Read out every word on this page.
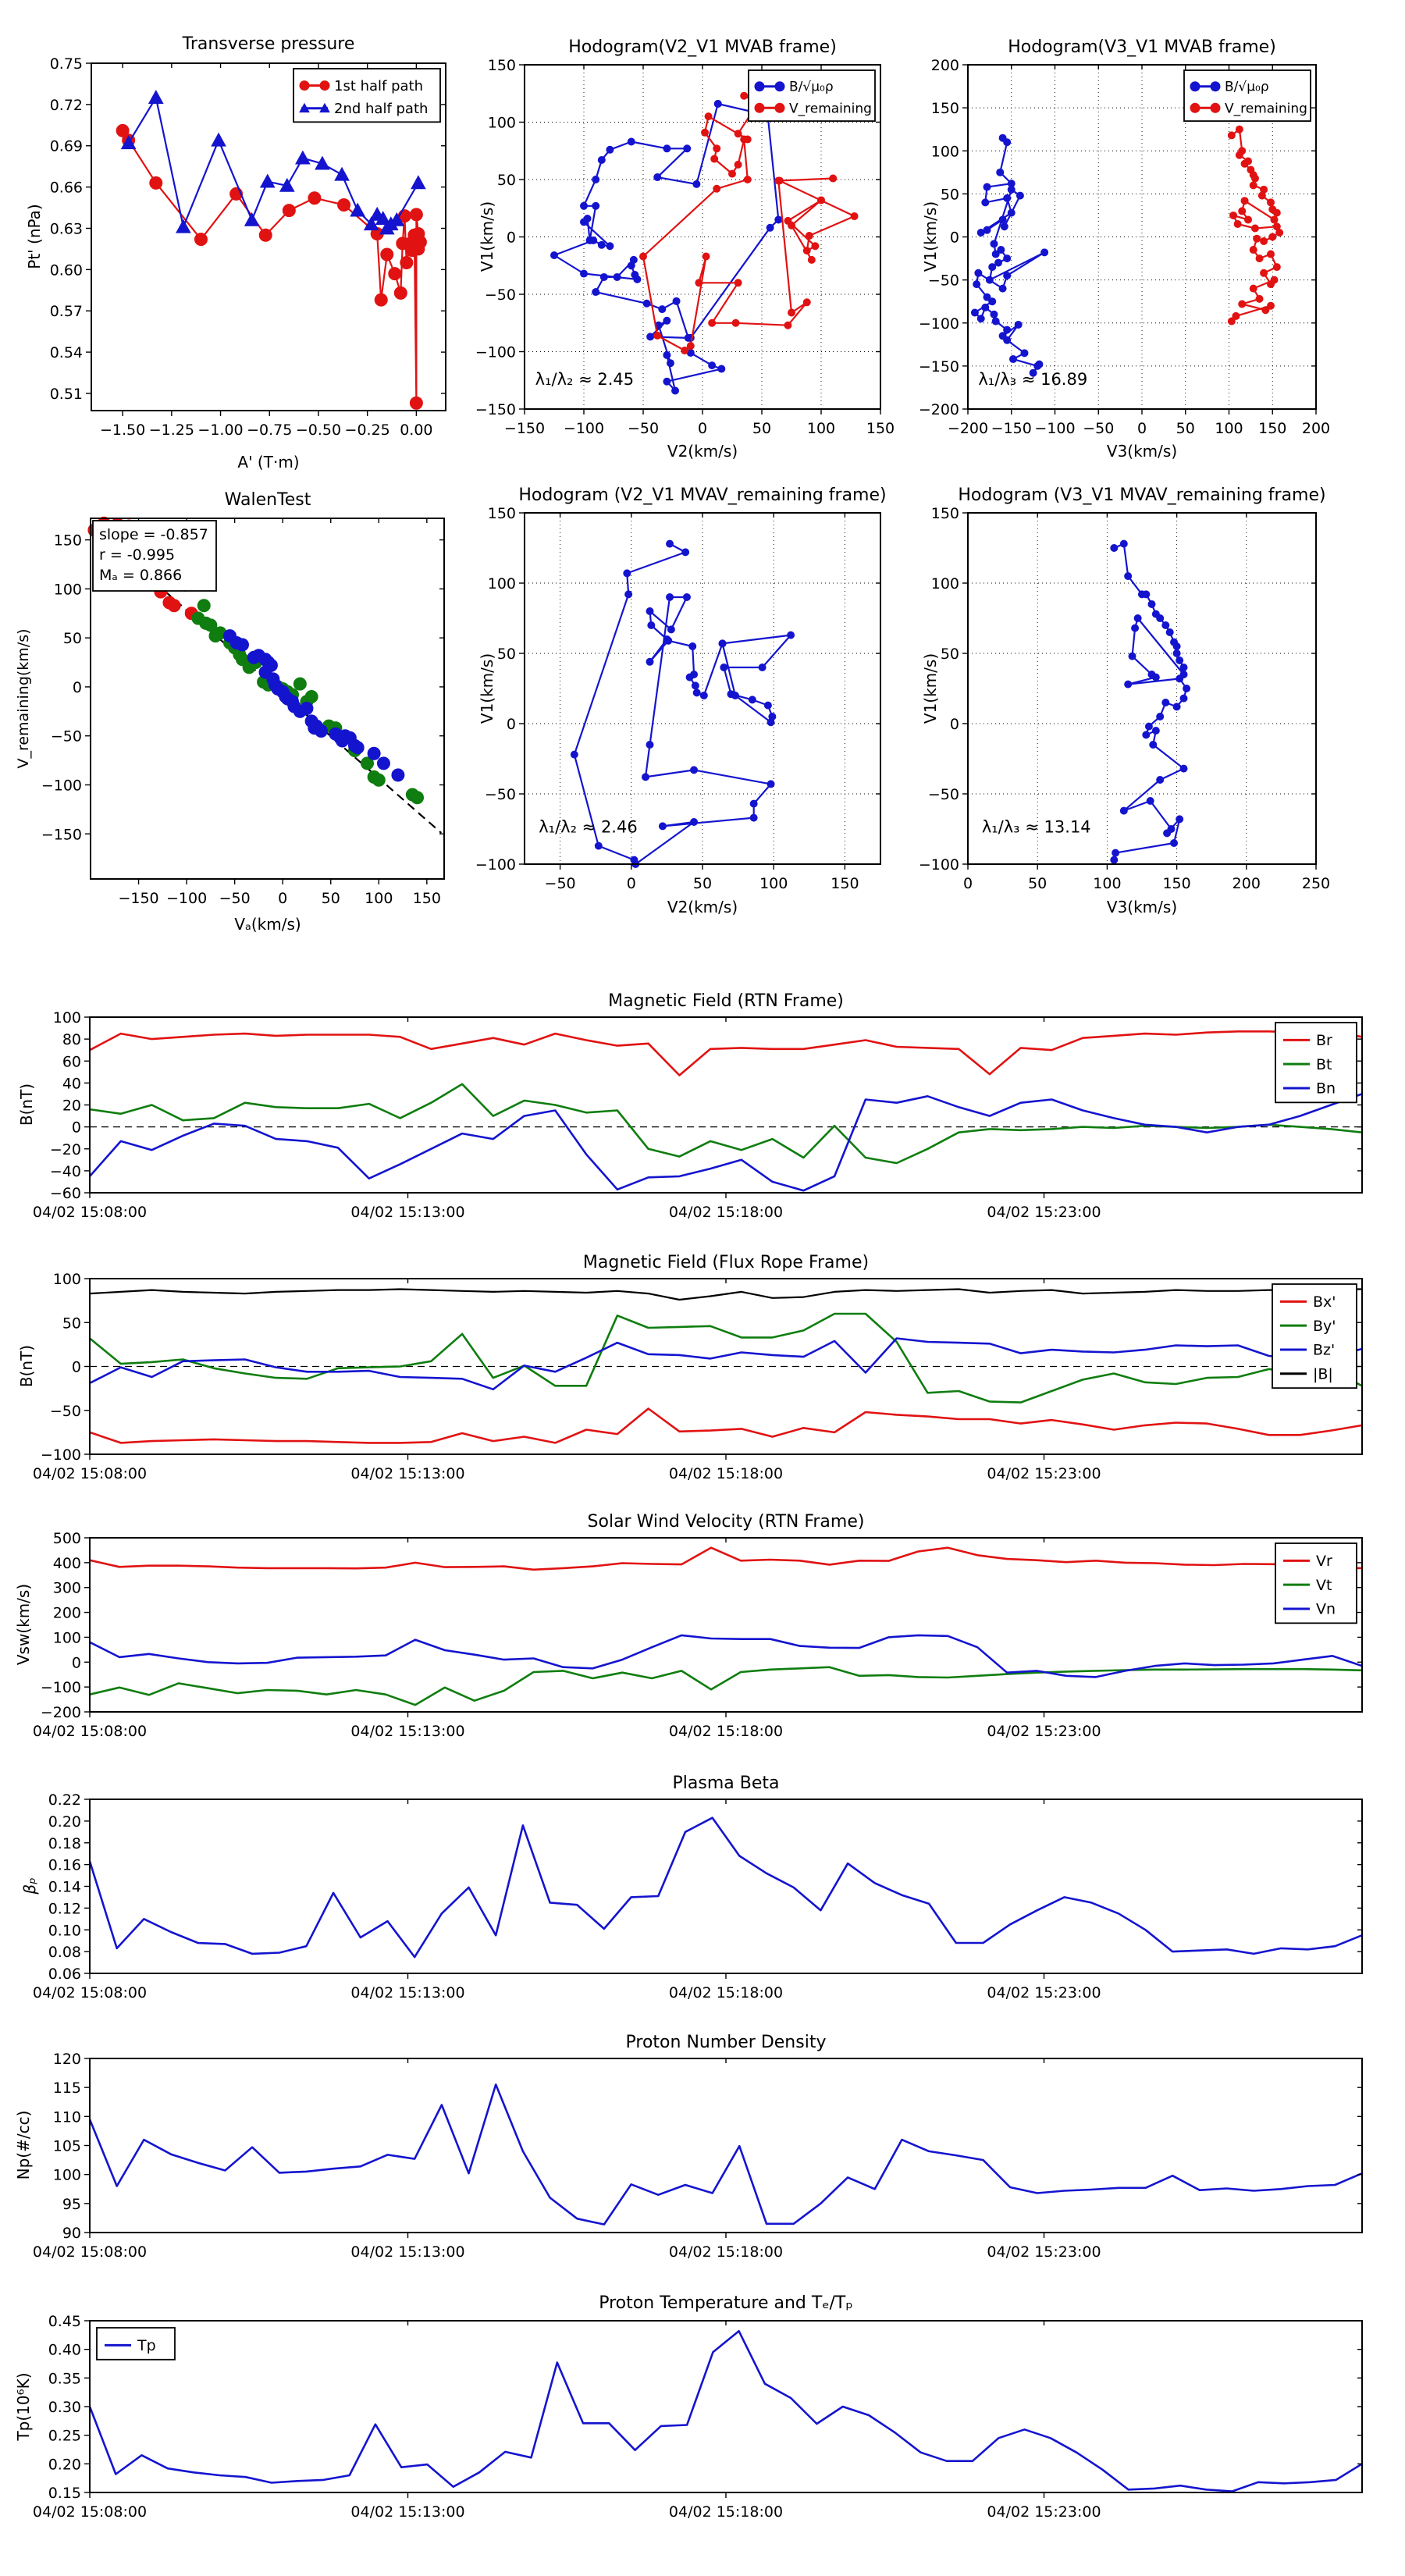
−1.50 −1.25 −1.00 −0.75 −0.50 −0.25 0.00
0.51
0.54
0.57
0.60
0.63
0.66
0.69
0.72
0.75
1st half path
2nd half path
−150 −100 −50	0	50 100 150
−150
−100
−50
0
50
100
150
λ₁/λ₂ ≈ 2.45
B/√μ₀ρ
V_remaining
−200 −150 −100 −50 0 50 100 150 200
−200
−150
−100
−50
0
50
100
150
200
λ₁/λ₃ ≈ 16.89
B/√μ₀ρ
V_remaining
−150 −100 −50 0 50 100 150
−150
−100
−50
0
50
100
150 slope = -0.857
r = -0.995
Mₐ = 0.866
−50	0	50	100	150
−100
−50
0
50
100
150
λ₁/λ₂ ≈ 2.46
0	50	100	150	200	250
−100
−50
0
50
100
150
λ₁/λ₃ ≈ 13.14
04/02 15:08:00	04/02 15:13:00	04/02 15:18:00	04/02 15:23:00
−60
−40
−20
0
20
40
60
80
100
Br
Bt
Bn
04/02 15:08:00	04/02 15:13:00	04/02 15:18:00	04/02 15:23:00
−100
−50
0
50
100
Bx'
By'
Bz'
|B|
04/02 15:08:00	04/02 15:13:00	04/02 15:18:00	04/02 15:23:00
−200
−100
0
100
200
300
400
500
Vr
Vt
Vn
04/02 15:08:00	04/02 15:13:00	04/02 15:18:00	04/02 15:23:00
0.06
0.08
0.10
0.12
0.14
0.16
0.18
0.20
0.22
04/02 15:08:00	04/02 15:13:00	04/02 15:18:00	04/02 15:23:00
90
95
100
105
110
115
120
04/02 15:08:00	04/02 15:13:00	04/02 15:18:00	04/02 15:23:00
0.15
0.20
0.25
0.30
0.35
0.40
0.45
Tp
Transverse pressure	Hodogram(V2_V1 MVAB frame)	Hodogram(V3_V1 MVAB frame)
WalenTest	Hodogram (V2_V1 MVAV_remaining frame)	Hodogram (V3_V1 MVAV_remaining frame)
Magnetic Field (RTN Frame)
Magnetic Field (Flux Rope Frame)
Solar Wind Velocity (RTN Frame)
Plasma Beta
Proton Number Density
Proton Temperature and Tₑ/Tₚ
A' (T·m)
V2(km/s)	V3(km/s)
Vₐ(km/s)
V2(km/s)	V3(km/s)
Pt' (nPa)	V1(km/s)	V1(km/s)
V_remaining(km/s)	V1(km/s)	V1(km/s)
B(nT)
B(nT)
Vsw(km/s)
βₚ
Np(#/cc)
Tp(10⁶K)
